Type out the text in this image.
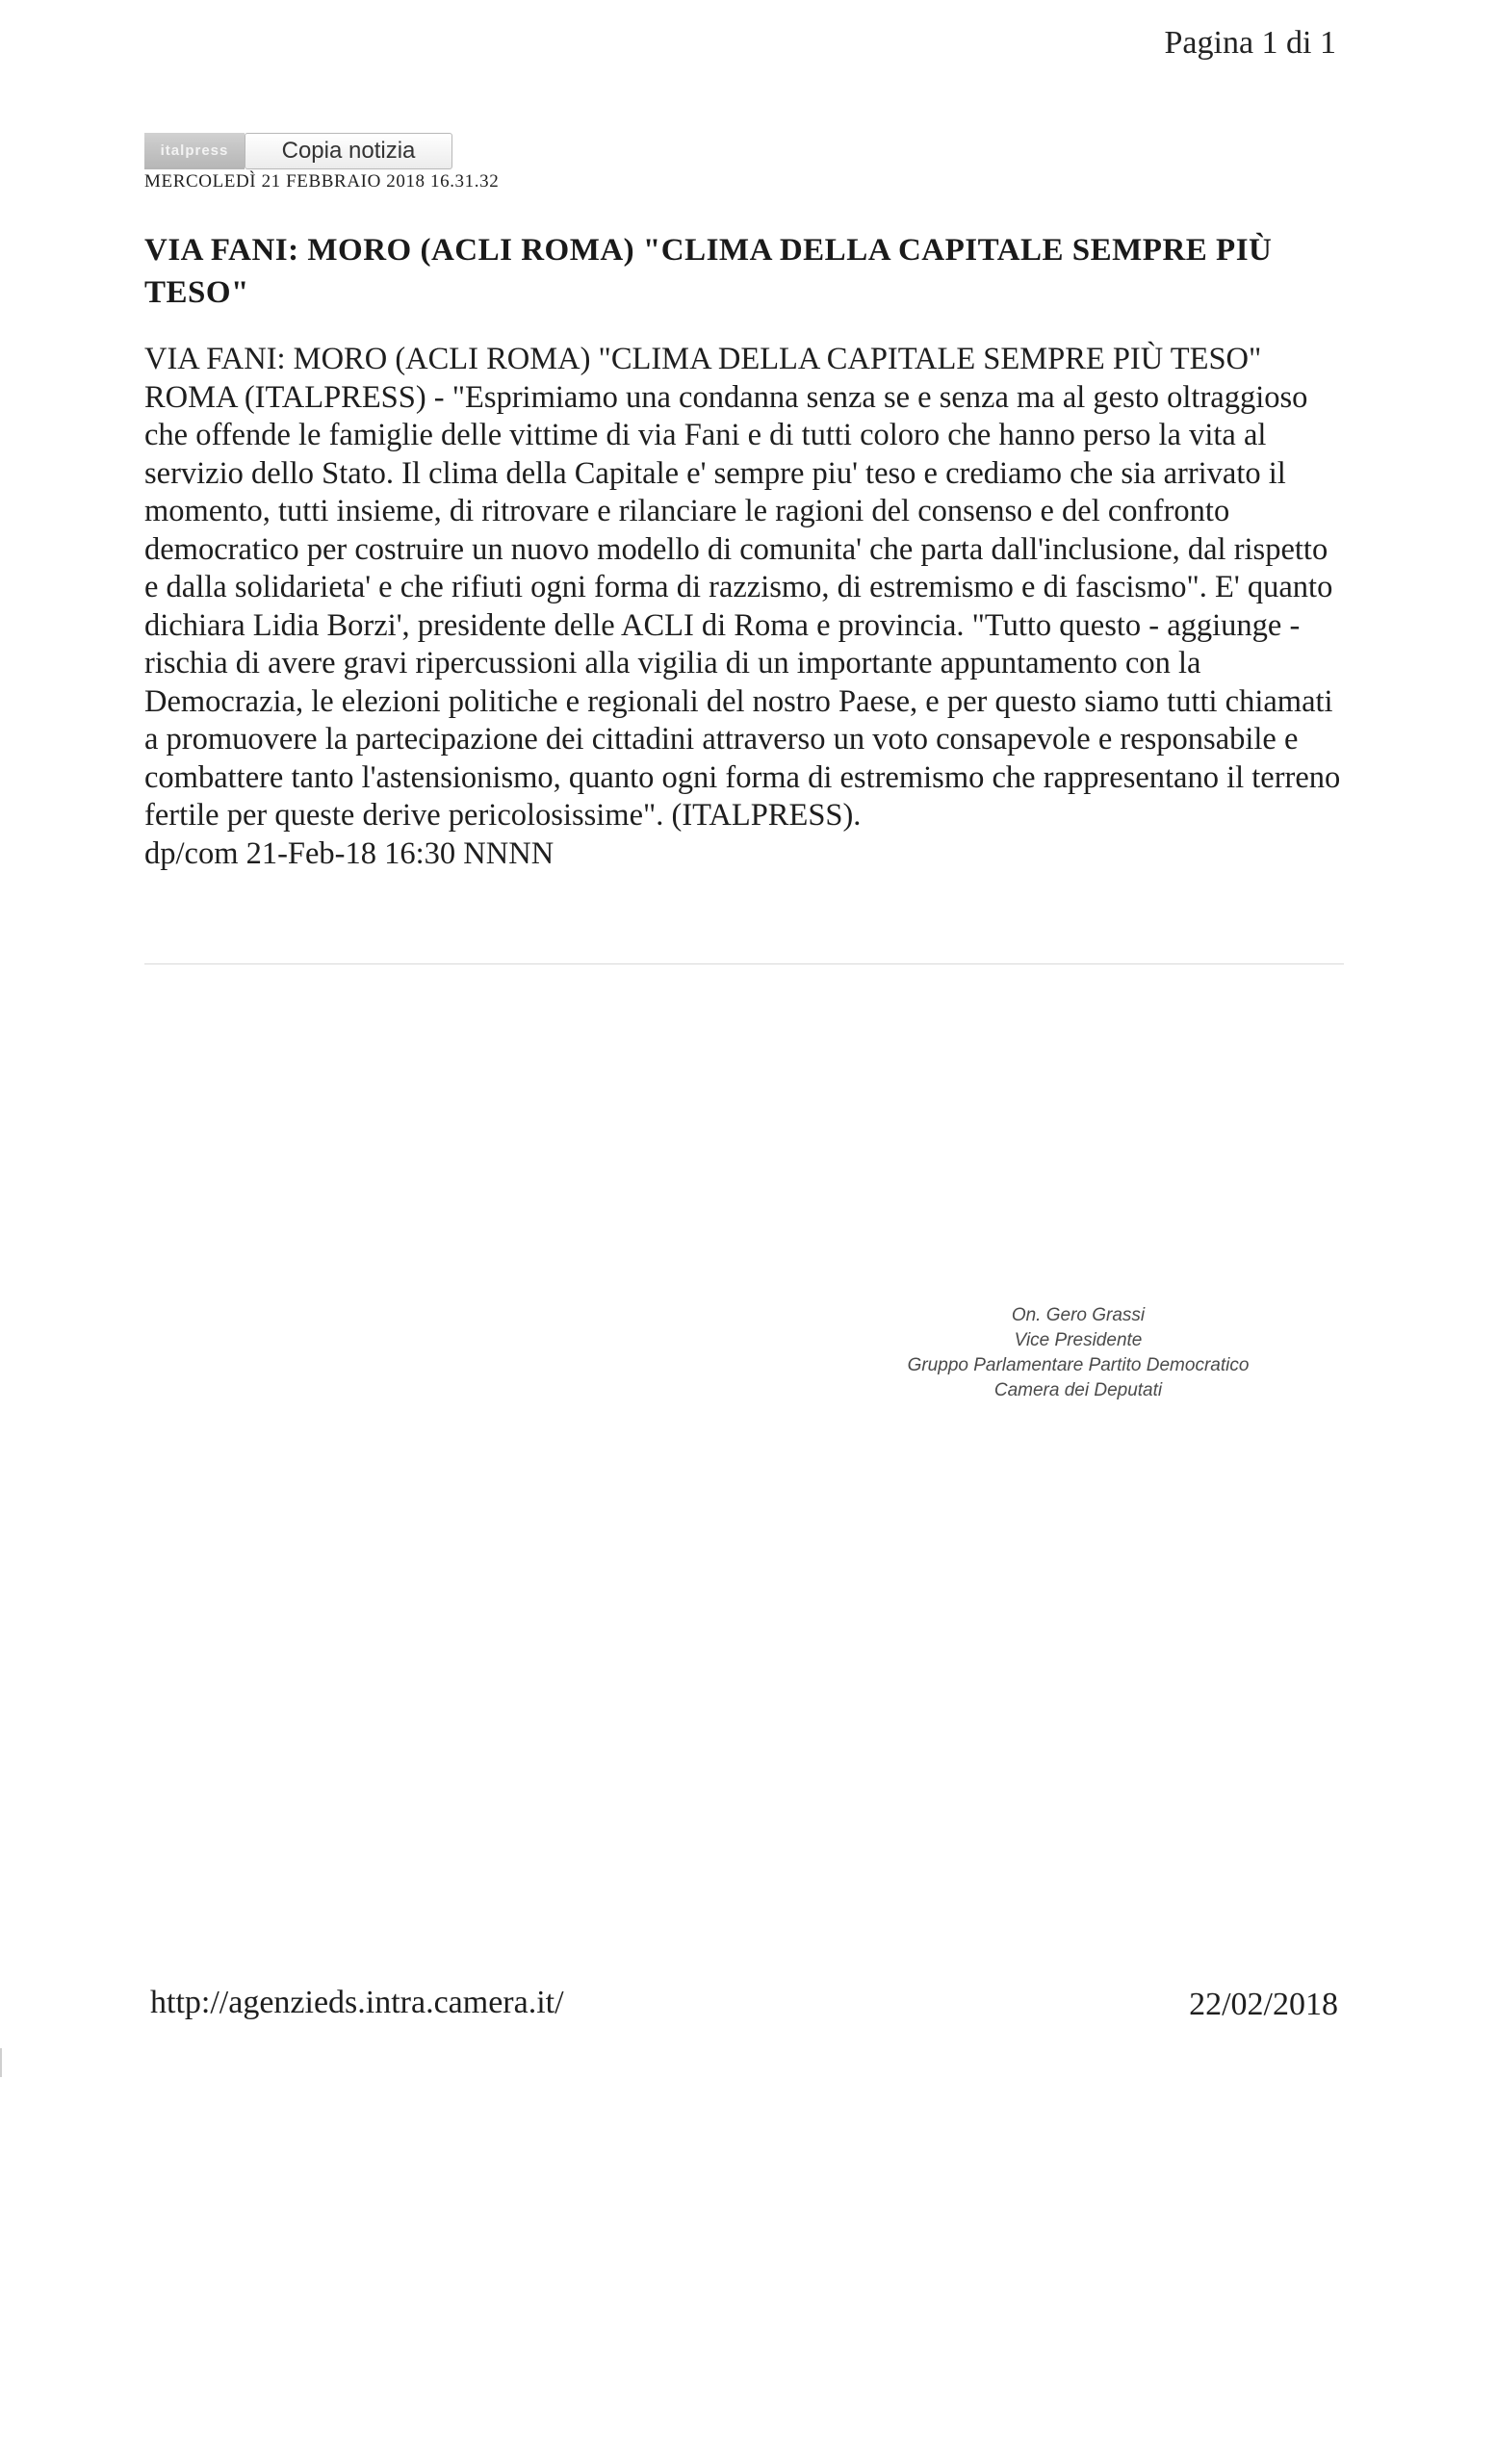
Pagina 1 di 1
italpress	Copia notizia
MERCOLEDÌ 21 FEBBRAIO 2018 16.31.32
VIA FANI: MORO (ACLI ROMA) "CLIMA DELLA CAPITALE SEMPRE PIÙ TESO"

VIA FANI: MORO (ACLI ROMA) "CLIMA DELLA CAPITALE SEMPRE PIÙ TESO" ROMA (ITALPRESS) - "Esprimiamo una condanna senza se e senza ma al gesto oltraggioso che offende le famiglie delle vittime di via Fani e di tutti coloro che hanno perso la vita al servizio dello Stato. Il clima della Capitale e' sempre piu' teso e crediamo che sia arrivato il momento, tutti insieme, di ritrovare e rilanciare le ragioni del consenso e del confronto democratico per costruire un nuovo modello di comunita' che parta dall'inclusione, dal rispetto e dalla solidarieta' e che rifiuti ogni forma di razzismo, di estremismo e di fascismo". E' quanto dichiara Lidia Borzi', presidente delle ACLI di Roma e provincia. "Tutto questo - aggiunge - rischia di avere gravi ripercussioni alla vigilia di un importante appuntamento con la Democrazia, le elezioni politiche e regionali del nostro Paese, e per questo siamo tutti chiamati a promuovere la partecipazione dei cittadini attraverso un voto consapevole e responsabile e combattere tanto l'astensionismo, quanto ogni forma di estremismo che rappresentano il terreno fertile per queste derive pericolosissime". (ITALPRESS).

dp/com 21-Feb-18 16:30 NNNN

On. Gero Grassi
Vice Presidente
Gruppo Parlamentare Partito Democratico
Camera dei Deputati
http://agenzieds.intra.camera.it/	22/02/2018
